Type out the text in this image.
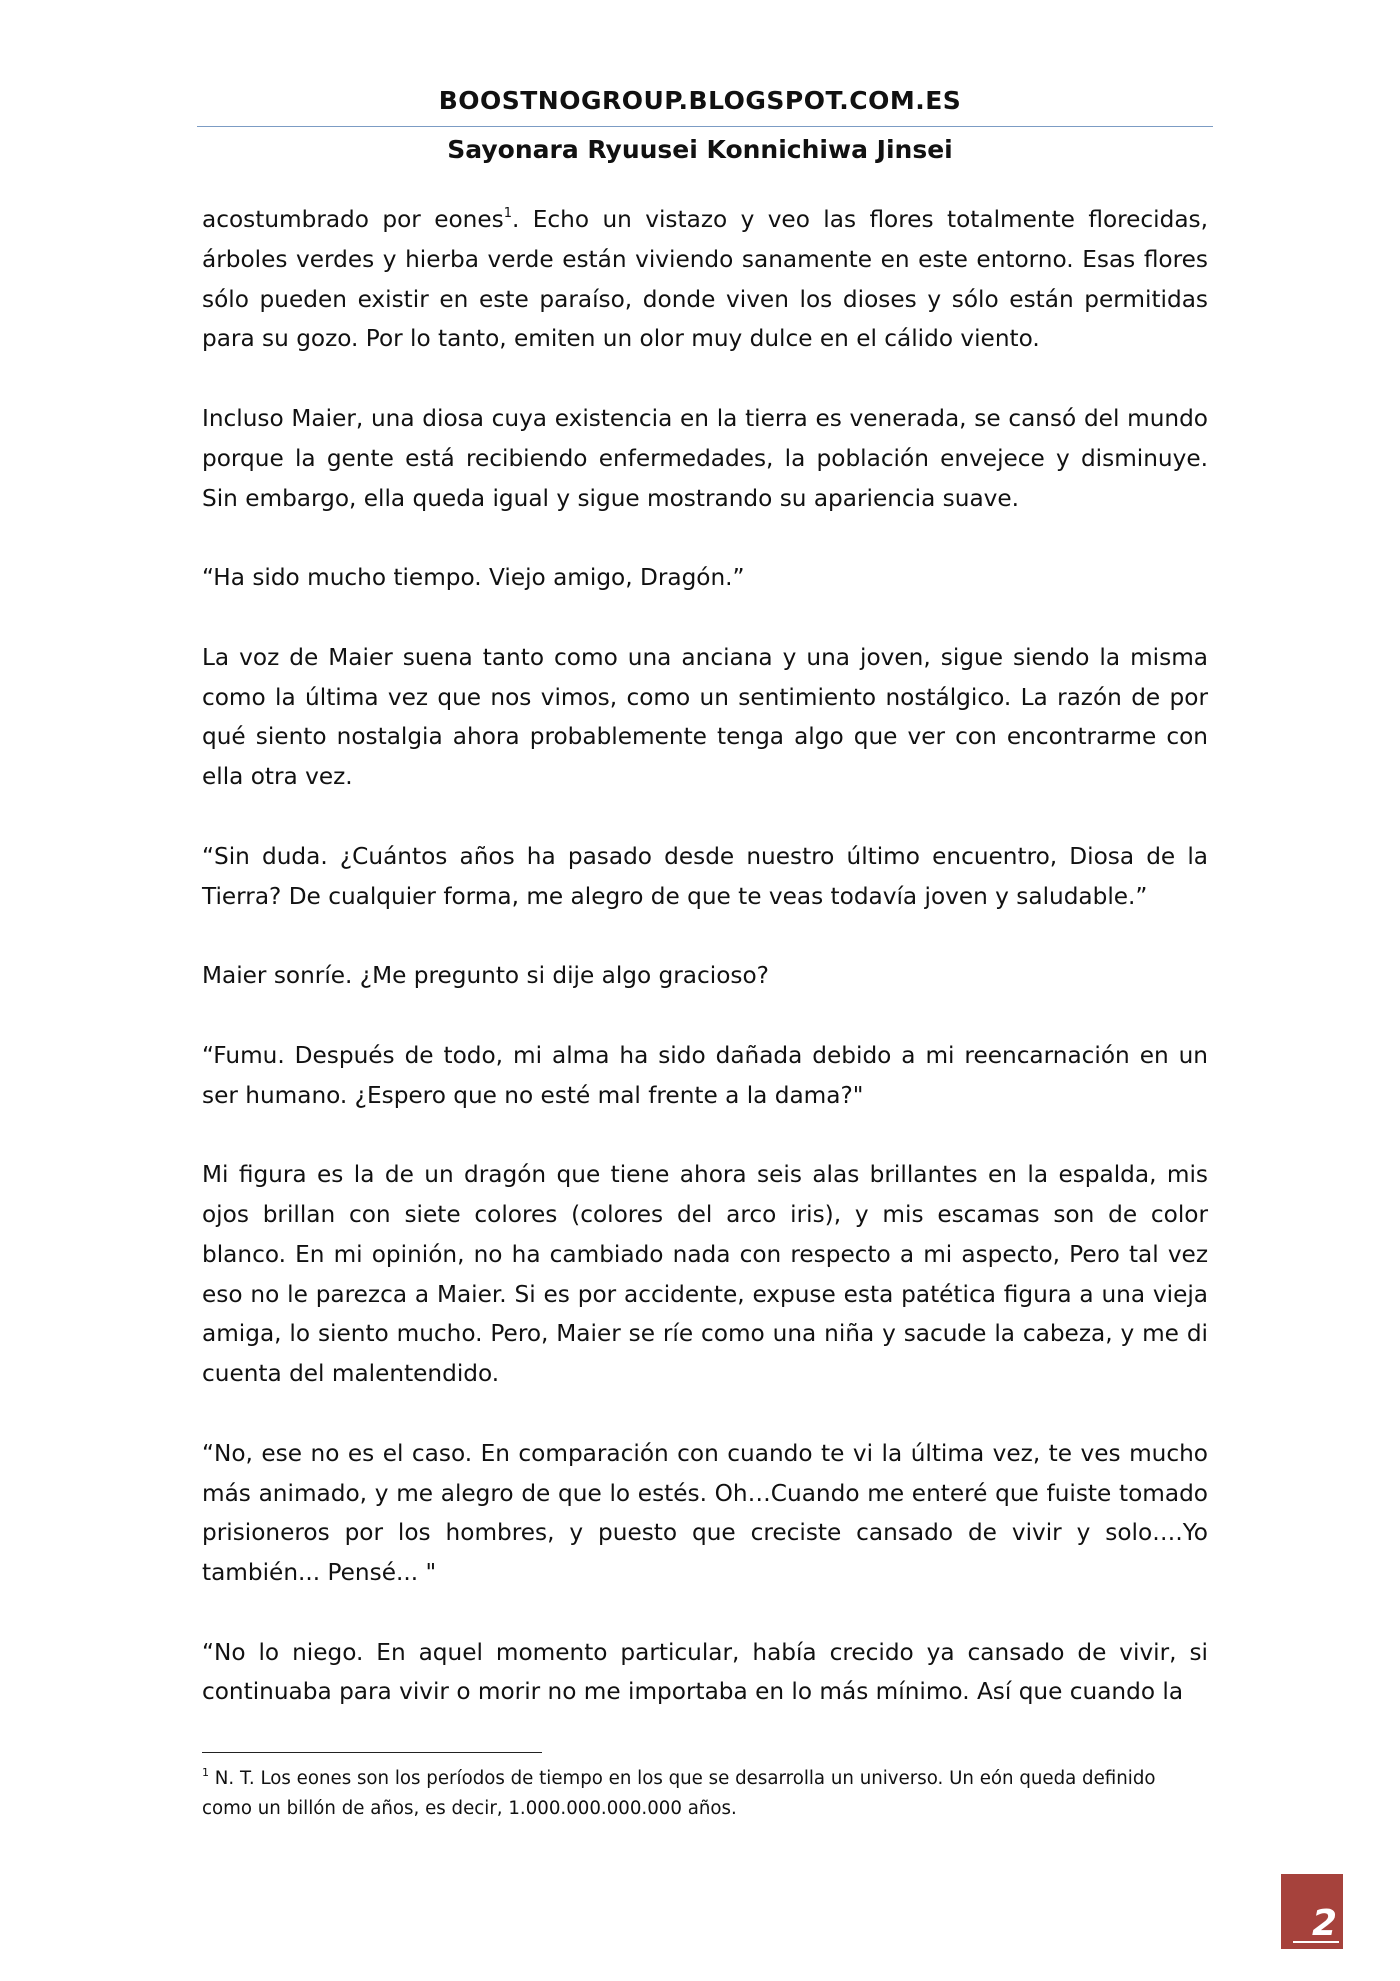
BOOSTNOGROUP.BLOGSPOT.COM.ES
Sayonara Ryuusei Konnichiwa Jinsei

acostumbrado por eones$^1$. Echo un vistazo y veo las flores totalmente florecidas, árboles verdes y hierba verde están viviendo sanamente en este entorno. Esas flores sólo pueden existir en este paraíso, donde viven los dioses y sólo están permitidas para su gozo. Por lo tanto, emiten un olor muy dulce en el cálido viento.

Incluso Maier, una diosa cuya existencia en la tierra es venerada, se cansó del mundo porque la gente está recibiendo enfermedades, la población envejece y disminuye. Sin embargo, ella queda igual y sigue mostrando su apariencia suave.

“Ha sido mucho tiempo. Viejo amigo, Dragón.”

La voz de Maier suena tanto como una anciana y una joven, sigue siendo la misma como la última vez que nos vimos, como un sentimiento nostálgico. La razón de por qué siento nostalgia ahora probablemente tenga algo que ver con encontrarme con ella otra vez.

“Sin duda. ¿Cuántos años ha pasado desde nuestro último encuentro, Diosa de la Tierra? De cualquier forma, me alegro de que te veas todavía joven y saludable.”

Maier sonríe. ¿Me pregunto si dije algo gracioso?

“Fumu. Después de todo, mi alma ha sido dañada debido a mi reencarnación en un ser humano. ¿Espero que no esté mal frente a la dama?"

Mi figura es la de un dragón que tiene ahora seis alas brillantes en la espalda, mis ojos brillan con siete colores (colores del arco iris), y mis escamas son de color blanco. En mi opinión, no ha cambiado nada con respecto a mi aspecto, Pero tal vez eso no le parezca a Maier. Si es por accidente, expuse esta patética figura a una vieja amiga, lo siento mucho. Pero, Maier se ríe como una niña y sacude la cabeza, y me di cuenta del malentendido.

“No, ese no es el caso. En comparación con cuando te vi la última vez, te ves mucho más animado, y me alegro de que lo estés. Oh…Cuando me enteré que fuiste tomado prisioneros por los hombres, y puesto que creciste cansado de vivir y solo….Yo también... Pensé... "

“No lo niego. En aquel momento particular, había crecido ya cansado de vivir, si continuaba para vivir o morir no me importaba en lo más mínimo. Así que cuando la

$^1$ N. T. Los eones son los períodos de tiempo en los que se desarrolla un universo. Un eón queda definido como un billón de años, es decir, 1.000.000.000.000 años.
2
